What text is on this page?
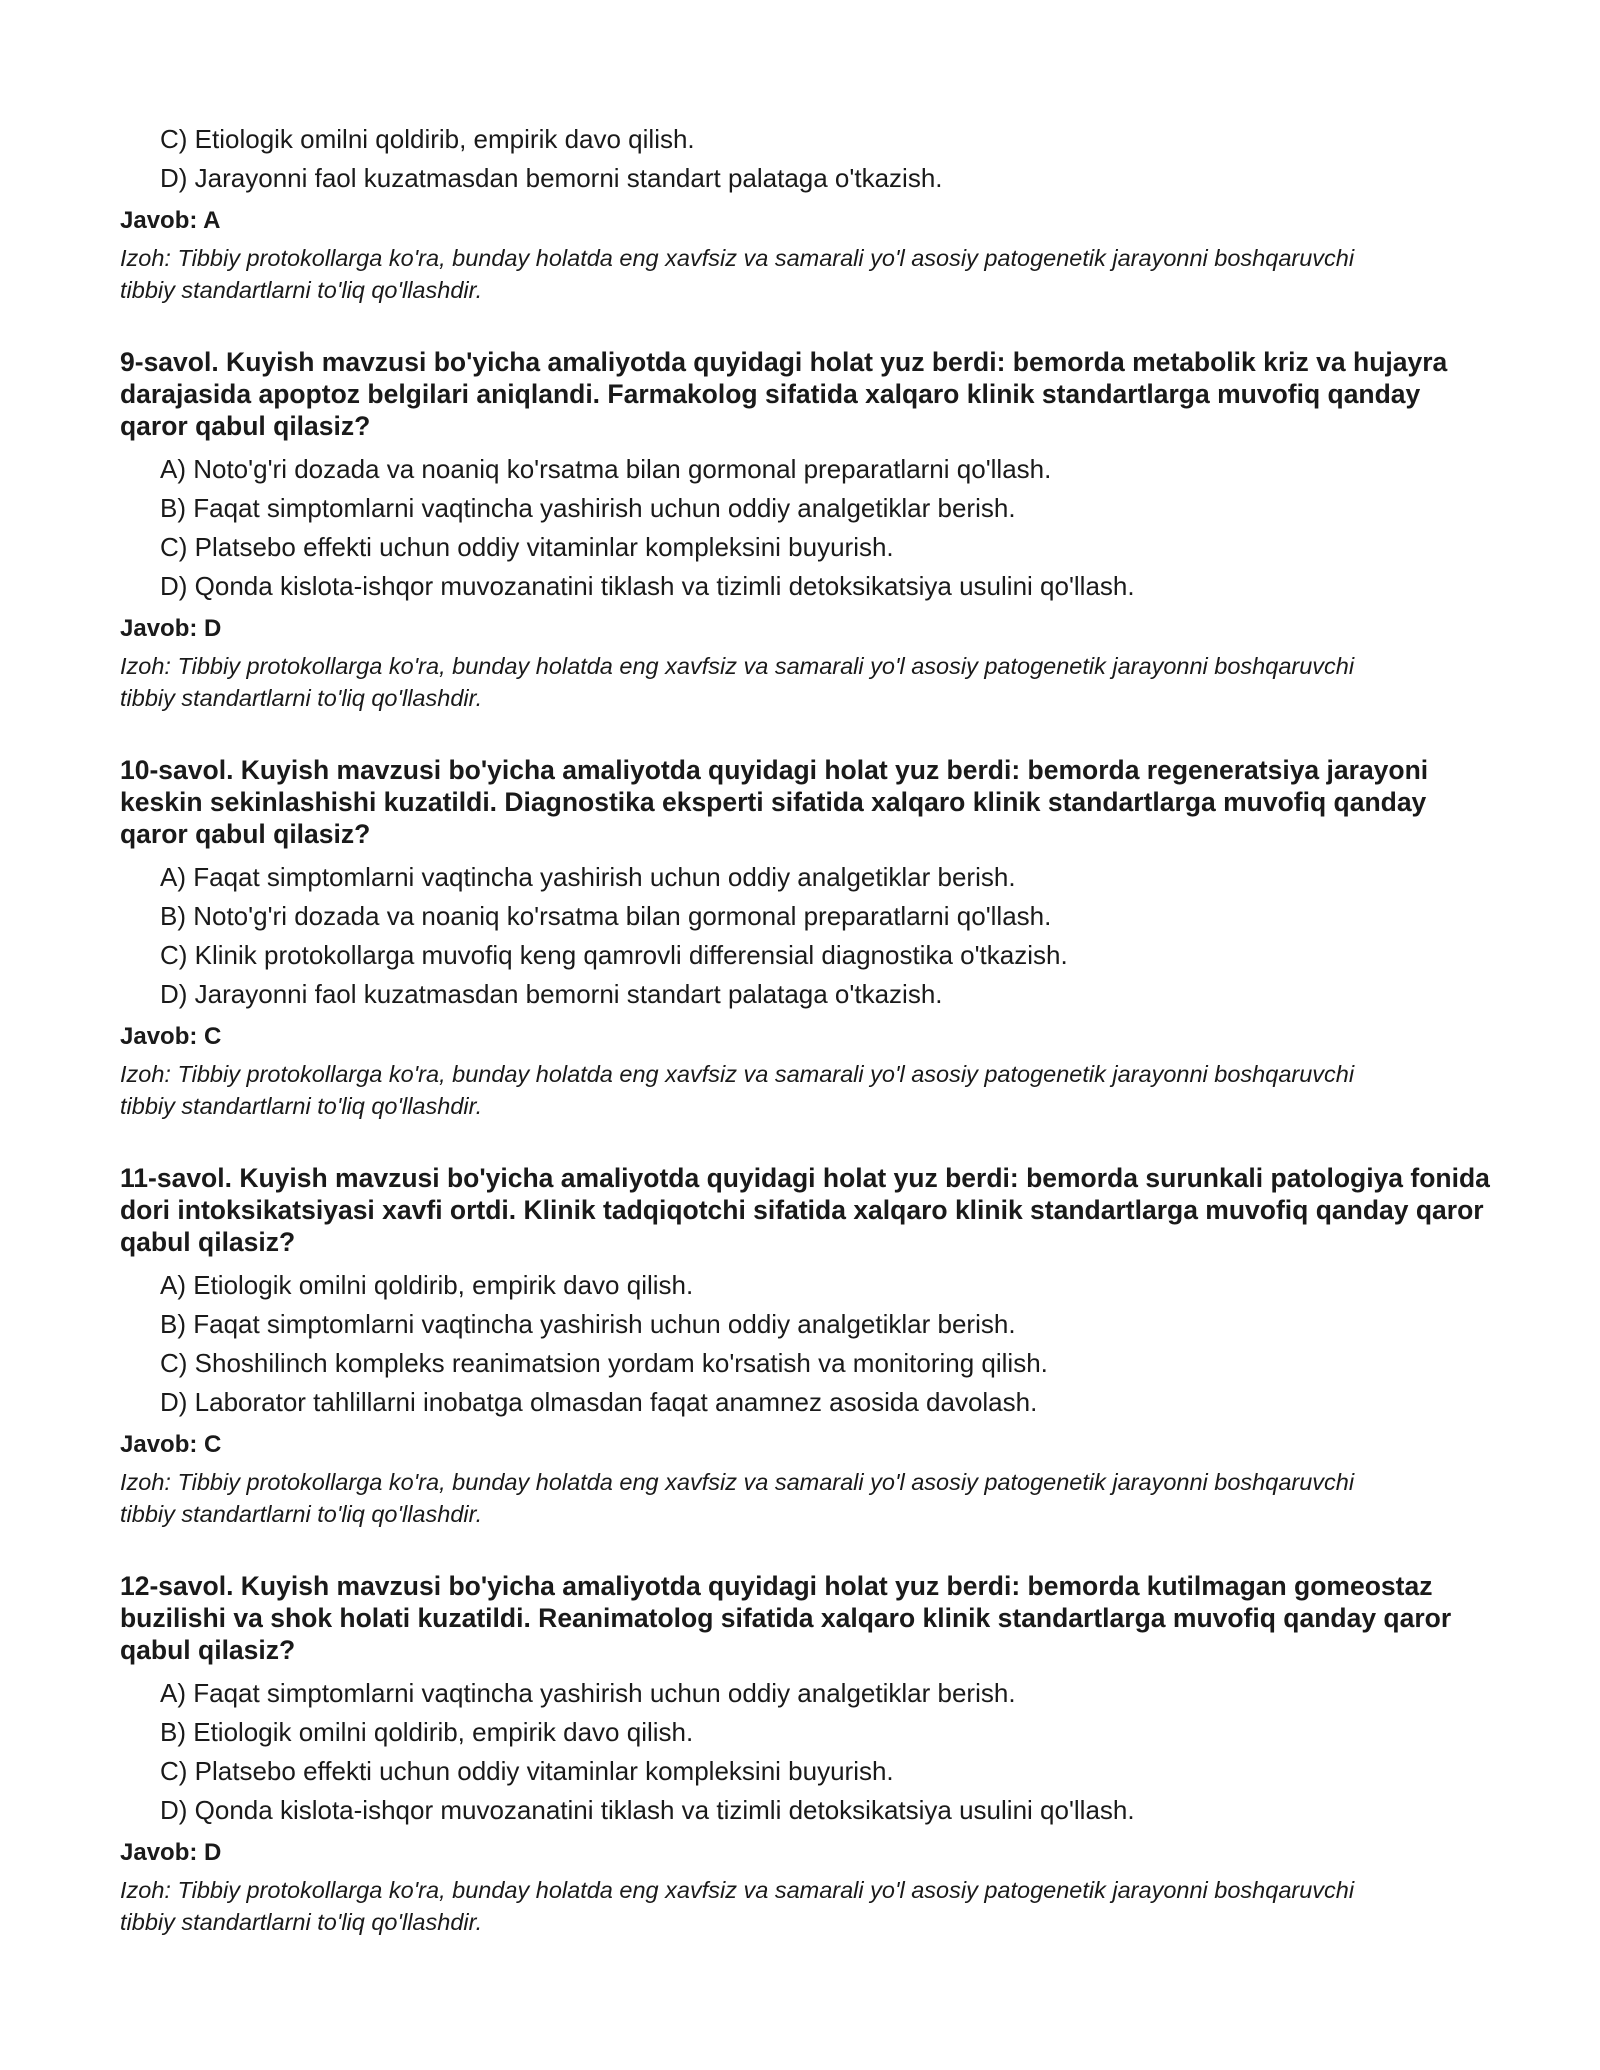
C) Etiologik omilni qoldirib, empirik davo qilish.
D) Jarayonni faol kuzatmasdan bemorni standart palataga o'tkazish.
Javob: A
Izoh: Tibbiy protokollarga ko'ra, bunday holatda eng xavfsiz va samarali yo'l asosiy patogenetik jarayonni boshqaruvchi tibbiy standartlarni to'liq qo'llashdir.
9-savol. Kuyish mavzusi bo'yicha amaliyotda quyidagi holat yuz berdi: bemorda metabolik kriz va hujayra darajasida apoptoz belgilari aniqlandi. Farmakolog sifatida xalqaro klinik standartlarga muvofiq qanday qaror qabul qilasiz?
A) Noto'g'ri dozada va noaniq ko'rsatma bilan gormonal preparatlarni qo'llash.
B) Faqat simptomlarni vaqtincha yashirish uchun oddiy analgetiklar berish.
C) Platsebo effekti uchun oddiy vitaminlar kompleksini buyurish.
D) Qonda kislota-ishqor muvozanatini tiklash va tizimli detoksikatsiya usulini qo'llash.
Javob: D
Izoh: Tibbiy protokollarga ko'ra, bunday holatda eng xavfsiz va samarali yo'l asosiy patogenetik jarayonni boshqaruvchi tibbiy standartlarni to'liq qo'llashdir.
10-savol. Kuyish mavzusi bo'yicha amaliyotda quyidagi holat yuz berdi: bemorda regeneratsiya jarayoni keskin sekinlashishi kuzatildi. Diagnostika eksperti sifatida xalqaro klinik standartlarga muvofiq qanday qaror qabul qilasiz?
A) Faqat simptomlarni vaqtincha yashirish uchun oddiy analgetiklar berish.
B) Noto'g'ri dozada va noaniq ko'rsatma bilan gormonal preparatlarni qo'llash.
C) Klinik protokollarga muvofiq keng qamrovli differensial diagnostika o'tkazish.
D) Jarayonni faol kuzatmasdan bemorni standart palataga o'tkazish.
Javob: C
Izoh: Tibbiy protokollarga ko'ra, bunday holatda eng xavfsiz va samarali yo'l asosiy patogenetik jarayonni boshqaruvchi tibbiy standartlarni to'liq qo'llashdir.
11-savol. Kuyish mavzusi bo'yicha amaliyotda quyidagi holat yuz berdi: bemorda surunkali patologiya fonida dori intoksikatsiyasi xavfi ortdi. Klinik tadqiqotchi sifatida xalqaro klinik standartlarga muvofiq qanday qaror qabul qilasiz?
A) Etiologik omilni qoldirib, empirik davo qilish.
B) Faqat simptomlarni vaqtincha yashirish uchun oddiy analgetiklar berish.
C) Shoshilinch kompleks reanimatsion yordam ko'rsatish va monitoring qilish.
D) Laborator tahlillarni inobatga olmasdan faqat anamnez asosida davolash.
Javob: C
Izoh: Tibbiy protokollarga ko'ra, bunday holatda eng xavfsiz va samarali yo'l asosiy patogenetik jarayonni boshqaruvchi tibbiy standartlarni to'liq qo'llashdir.
12-savol. Kuyish mavzusi bo'yicha amaliyotda quyidagi holat yuz berdi: bemorda kutilmagan gomeostaz buzilishi va shok holati kuzatildi. Reanimatolog sifatida xalqaro klinik standartlarga muvofiq qanday qaror qabul qilasiz?
A) Faqat simptomlarni vaqtincha yashirish uchun oddiy analgetiklar berish.
B) Etiologik omilni qoldirib, empirik davo qilish.
C) Platsebo effekti uchun oddiy vitaminlar kompleksini buyurish.
D) Qonda kislota-ishqor muvozanatini tiklash va tizimli detoksikatsiya usulini qo'llash.
Javob: D
Izoh: Tibbiy protokollarga ko'ra, bunday holatda eng xavfsiz va samarali yo'l asosiy patogenetik jarayonni boshqaruvchi tibbiy standartlarni to'liq qo'llashdir.
